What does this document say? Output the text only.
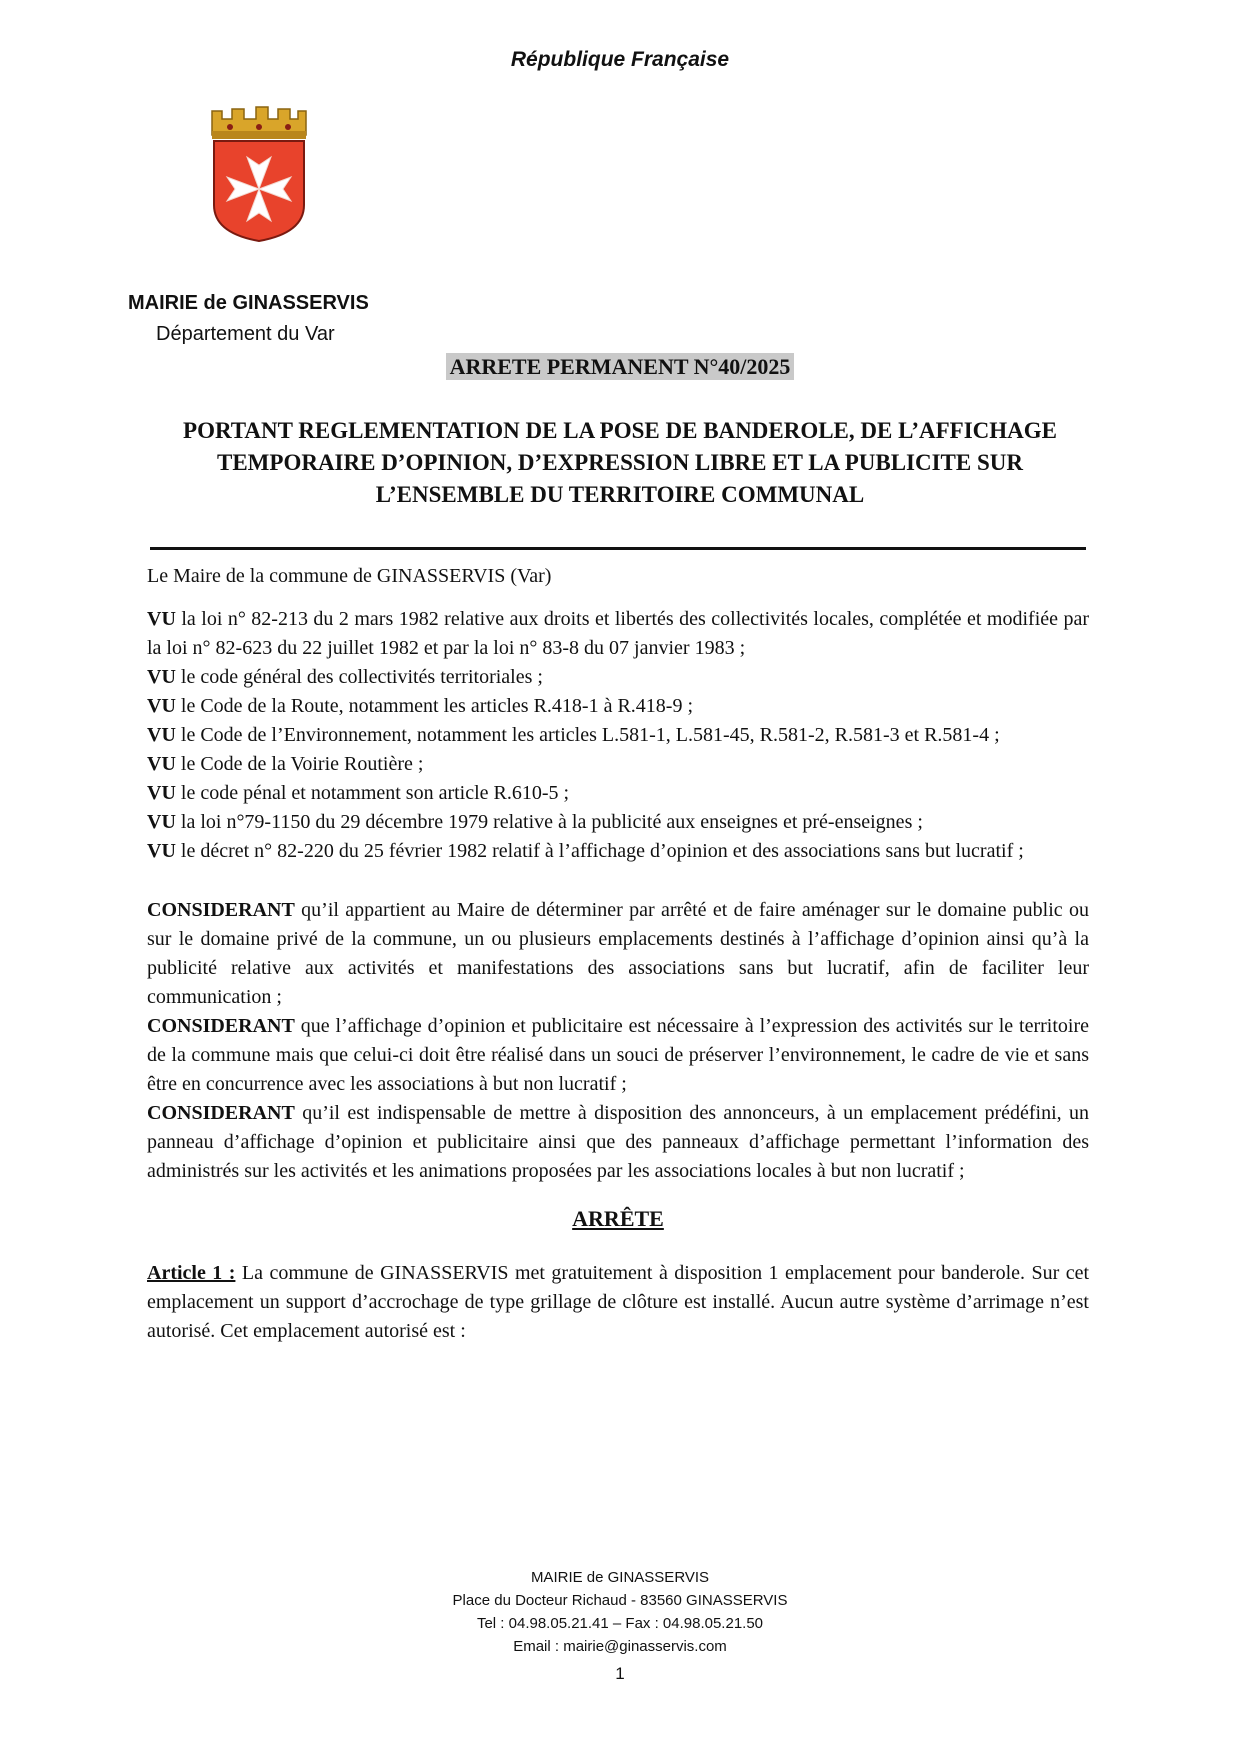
République Française
MAIRIE de GINASSERVIS
Département du Var
ARRETE PERMANENT N°40/2025
PORTANT REGLEMENTATION DE LA POSE DE BANDEROLE, DE L’AFFICHAGE TEMPORAIRE D’OPINION, D’EXPRESSION LIBRE ET LA PUBLICITE SUR L’ENSEMBLE DU TERRITOIRE COMMUNAL

Le Maire de la commune de GINASSERVIS (Var)

VU la loi n° 82-213 du 2 mars 1982 relative aux droits et libertés des collectivités locales, complétée et modifiée par la loi n° 82-623 du 22 juillet 1982 et par la loi n° 83-8 du 07 janvier 1983 ;

VU le code général des collectivités territoriales ;

VU le Code de la Route, notamment les articles R.418-1 à R.418-9 ;

VU le Code de l’Environnement, notamment les articles L.581-1, L.581-45, R.581-2, R.581-3 et R.581-4 ;

VU le Code de la Voirie Routière ;

VU le code pénal et notamment son article R.610-5 ;

VU la loi n°79-1150 du 29 décembre 1979 relative à la publicité aux enseignes et pré-enseignes ;

VU le décret n° 82-220 du 25 février 1982 relatif à l’affichage d’opinion et des associations sans but lucratif ;

CONSIDERANT qu’il appartient au Maire de déterminer par arrêté et de faire aménager sur le domaine public ou sur le domaine privé de la commune, un ou plusieurs emplacements destinés à l’affichage d’opinion ainsi qu’à la publicité relative aux activités et manifestations des associations sans but lucratif, afin de faciliter leur communication ;

CONSIDERANT que l’affichage d’opinion et publicitaire est nécessaire à l’expression des activités sur le territoire de la commune mais que celui-ci doit être réalisé dans un souci de préserver l’environnement, le cadre de vie et sans être en concurrence avec les associations à but non lucratif ;

CONSIDERANT qu’il est indispensable de mettre à disposition des annonceurs, à un emplacement prédéfini, un panneau d’affichage d’opinion et publicitaire ainsi que des panneaux d’affichage permettant l’information des administrés sur les activités et les animations proposées par les associations locales à but non lucratif ;

ARRÊTE

Article 1 : La commune de GINASSERVIS met gratuitement à disposition 1 emplacement pour banderole. Sur cet emplacement un support d’accrochage de type grillage de clôture est installé. Aucun autre système d’arrimage n’est autorisé. Cet emplacement autorisé est :

MAIRIE de GINASSERVIS
Place du Docteur Richaud - 83560 GINASSERVIS
Tel : 04.98.05.21.41 – Fax : 04.98.05.21.50
Email : mairie@ginasservis.com
1
